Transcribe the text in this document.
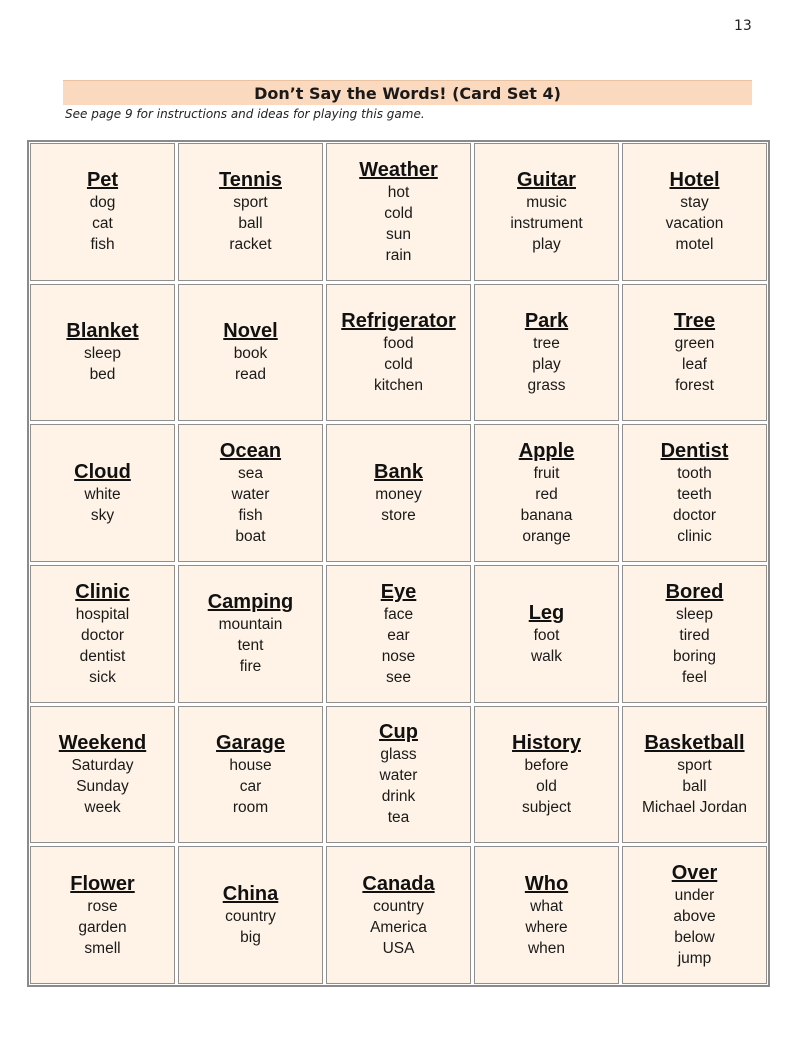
13
Don’t Say the Words! (Card Set 4)
See page 9 for instructions and ideas for playing this game.
Pet
dog
cat
fish
Tennis
sport
ball
racket
Weather
hot
cold
sun
rain
Guitar
music
instrument
play
Hotel
stay
vacation
motel
Blanket
sleep
bed
Novel
book
read
Refrigerator
food
cold
kitchen
Park
tree
play
grass
Tree
green
leaf
forest
Cloud
white
sky
Ocean
sea
water
fish
boat
Bank
money
store
Apple
fruit
red
banana
orange
Dentist
tooth
teeth
doctor
clinic
Clinic
hospital
doctor
dentist
sick
Camping
mountain
tent
fire
Eye
face
ear
nose
see
Leg
foot
walk
Bored
sleep
tired
boring
feel
Weekend
Saturday
Sunday
week
Garage
house
car
room
Cup
glass
water
drink
tea
History
before
old
subject
Basketball
sport
ball
Michael Jordan
Flower
rose
garden
smell
China
country
big
Canada
country
America
USA
Who
what
where
when
Over
under
above
below
jump
